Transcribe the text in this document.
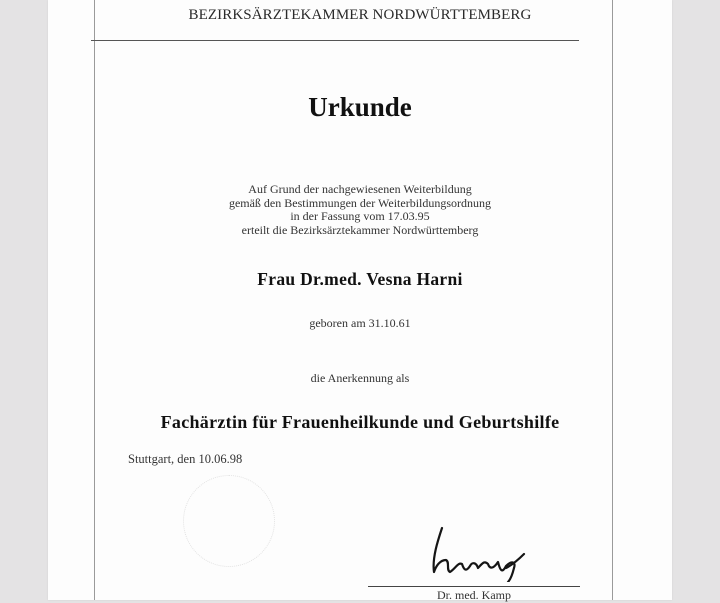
BEZIRKSÄRZTEKAMMER NORDWÜRTTEMBERG
Urkunde
Auf Grund der nachgewiesenen Weiterbildung
gemäß den Bestimmungen der Weiterbildungsordnung
in der Fassung vom 17.03.95
erteilt die Bezirksärztekammer Nordwürttemberg
Frau Dr.med. Vesna Harni
geboren am 31.10.61
die Anerkennung als
Fachärztin für Frauenheilkunde und Geburtshilfe
Stuttgart, den 10.06.98
Dr. med. Kamp
